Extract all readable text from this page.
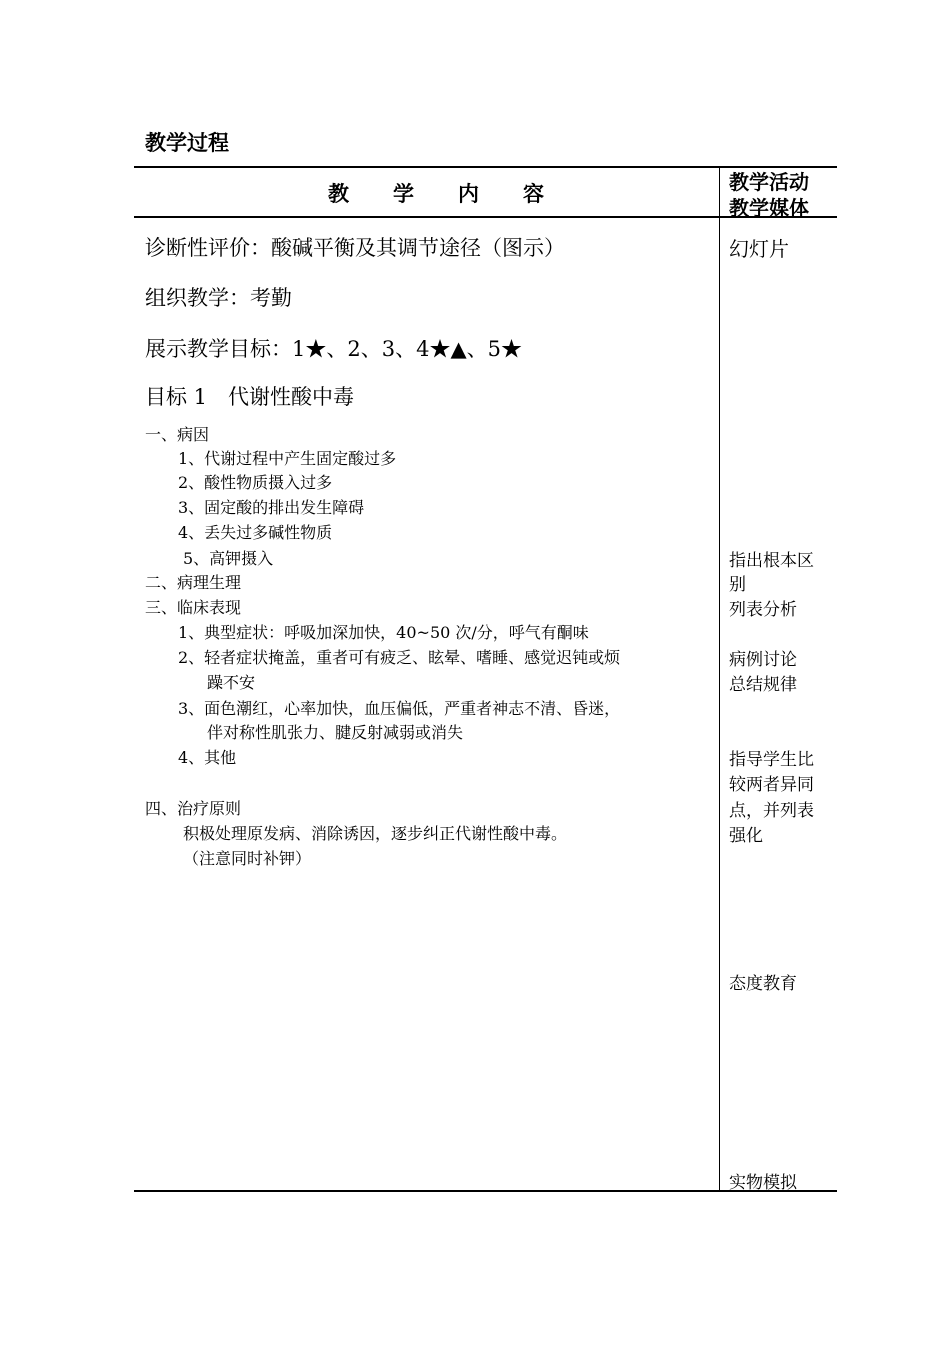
教学过程
教 学 内 容	教学活动
教学媒体
诊断性评价：酸碱平衡及其调节途径（图示）
组织教学：考勤
展示教学目标：1★、2、3、4★▲、5★
目标 1　代谢性酸中毒
一、病因
1、代谢过程中产生固定酸过多
2、酸性物质摄入过多
3、固定酸的排出发生障碍
4、丢失过多碱性物质
5、高钾摄入
二、病理生理
三、临床表现
1、典型症状：呼吸加深加快，40~50 次/分，呼气有酮味
2、轻者症状掩盖，重者可有疲乏、眩晕、嗜睡、感觉迟钝或烦
躁不安
3、面色潮红，心率加快，血压偏低，严重者神志不清、昏迷，
伴对称性肌张力、腱反射减弱或消失
4、其他
四、治疗原则
积极处理原发病、消除诱因，逐步纠正代谢性酸中毒。
（注意同时补钾）
幻灯片
指出根本区
别
列表分析
病例讨论
总结规律
指导学生比
较两者异同
点，并列表
强化
态度教育
实物模拟
